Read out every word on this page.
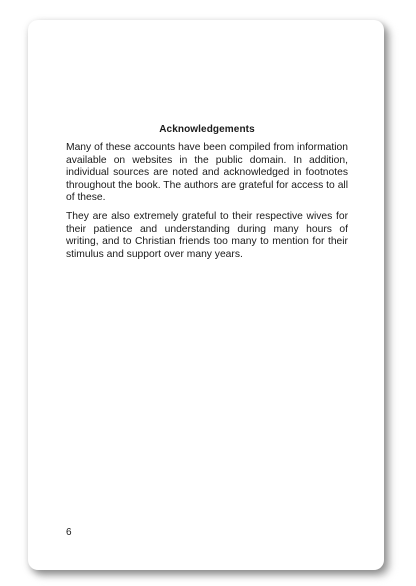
Acknowledgements

Many of these accounts have been compiled from information available on websites in the public domain. In addition, individual sources are noted and acknowledged in footnotes throughout the book. The authors are grateful for access to all of these.

They are also extremely grateful to their respective wives for their patience and understanding during many hours of writing, and to Christian friends too many to mention for their stimulus and support over many years.

6
